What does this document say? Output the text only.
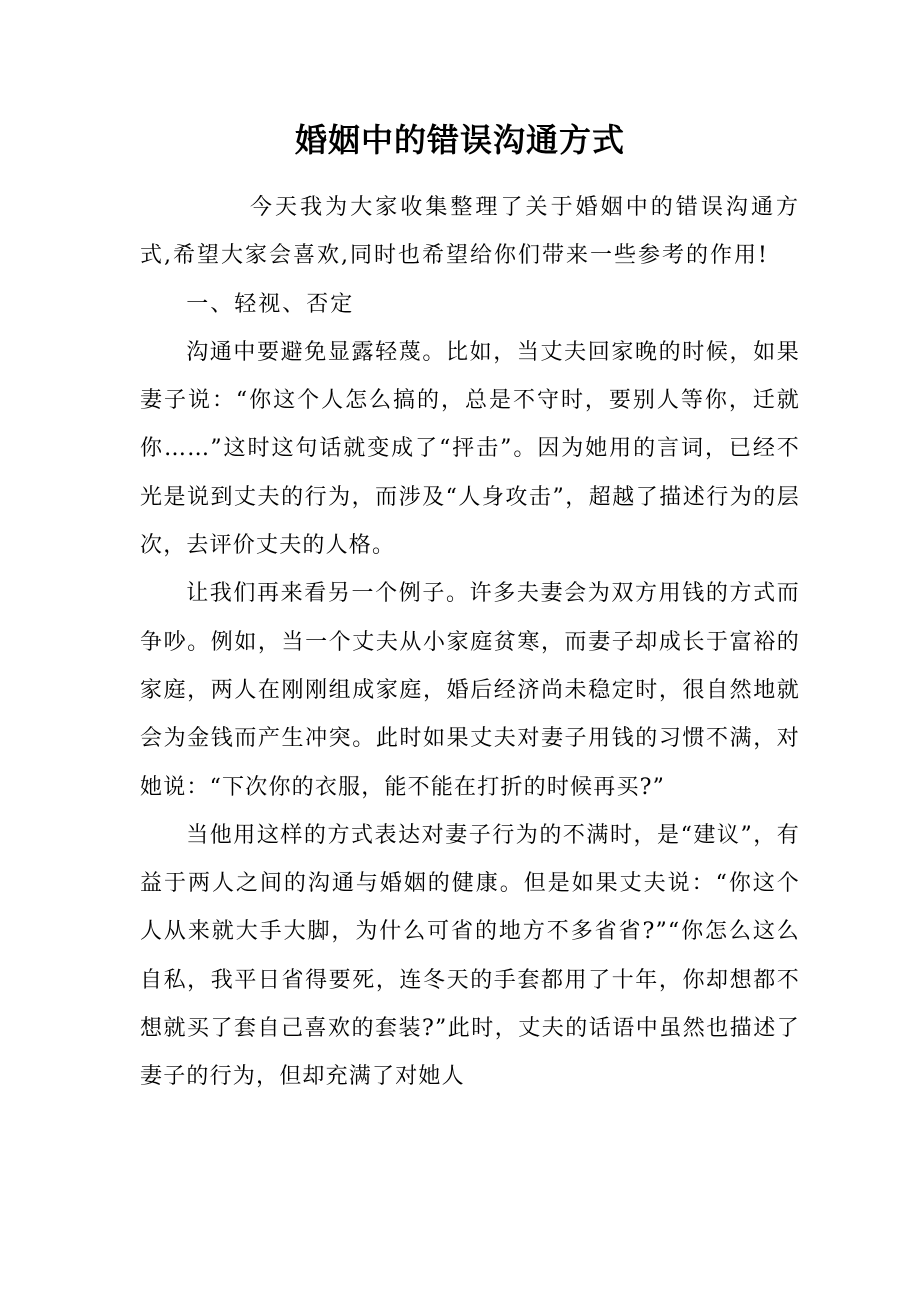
婚姻中的错误沟通方式

今天我为大家收集整理了关于婚姻中的错误沟通方式,希望大家会喜欢,同时也希望给你们带来一些参考的作用!

一、轻视、否定

沟通中要避免显露轻蔑。比如，当丈夫回家晚的时候，如果妻子说：“你这个人怎么搞的，总是不守时，要别人等你，迁就你……”这时这句话就变成了“抨击”。因为她用的言词，已经不光是说到丈夫的行为，而涉及“人身攻击”，超越了描述行为的层次，去评价丈夫的人格。

让我们再来看另一个例子。许多夫妻会为双方用钱的方式而争吵。例如，当一个丈夫从小家庭贫寒，而妻子却成长于富裕的家庭，两人在刚刚组成家庭，婚后经济尚未稳定时，很自然地就会为金钱而产生冲突。此时如果丈夫对妻子用钱的习惯不满，对她说：“下次你的衣服，能不能在打折的时候再买?”

当他用这样的方式表达对妻子行为的不满时，是“建议”，有益于两人之间的沟通与婚姻的健康。但是如果丈夫说：“你这个人从来就大手大脚，为什么可省的地方不多省省?”“你怎么这么自私，我平日省得要死，连冬天的手套都用了十年，你却想都不想就买了套自己喜欢的套装?”此时，丈夫的话语中虽然也描述了妻子的行为，但却充满了对她人
